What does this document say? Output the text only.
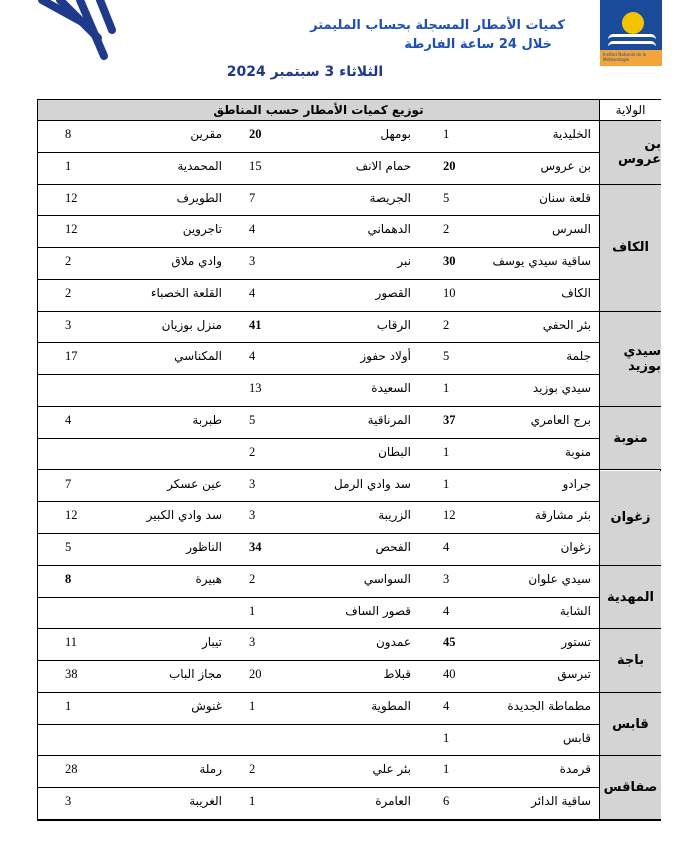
Institut National de la Météorologie
كميات الأمطار المسجلة بحساب المليمتر
خلال 24 ساعة الفارطة
الثلاثاء 3 سبتمبر 2024
توزيع كميات الأمطار حسب المناطق	الولاية
بن عروس
الكاف
سيدي بوزيد
منوبة
زغوان
المهدية
باجة
قابس
صفاقس
الخليدية
1
بومهل
20
مقرين
8
بن عروس
20
حمام الانف
15
المحمدية
1
قلعة سنان
5
الجريصة
7
الطويرف
12
السرس
2
الدهماني
4
تاجروين
12
ساقية سيدي يوسف
30
نبر
3
وادي ملاق
2
الكاف
10
القصور
4
القلعة الخصباء
2
بئر الحفي
2
الرقاب
41
منزل بوزيان
3
جلمة
5
أولاد حفوز
4
المكناسي
17
سيدي بوزيد
1
السعيدة
13
برج العامري
37
المرناقية
5
طبربة
4
منوبة
1
البطان
2
جرادو
1
سد وادي الرمل
3
عين عسكر
7
بئر مشارقة
12
الزريبة
3
سد وادي الكبير
12
زغوان
4
الفحص
34
الناظور
5
سيدي علوان
3
السواسي
2
هبيرة
8
الشابة
4
قصور الساف
1
تستور
45
عمدون
3
تيبار
11
تبرسق
40
قبلاط
20
مجاز الباب
38
مطماطة الجديدة
4
المطوية
1
غنوش
1
قابس
1
قرمدة
1
بئر علي
2
رملة
28
ساقية الدائر
6
العامرة
1
الغريبة
3
